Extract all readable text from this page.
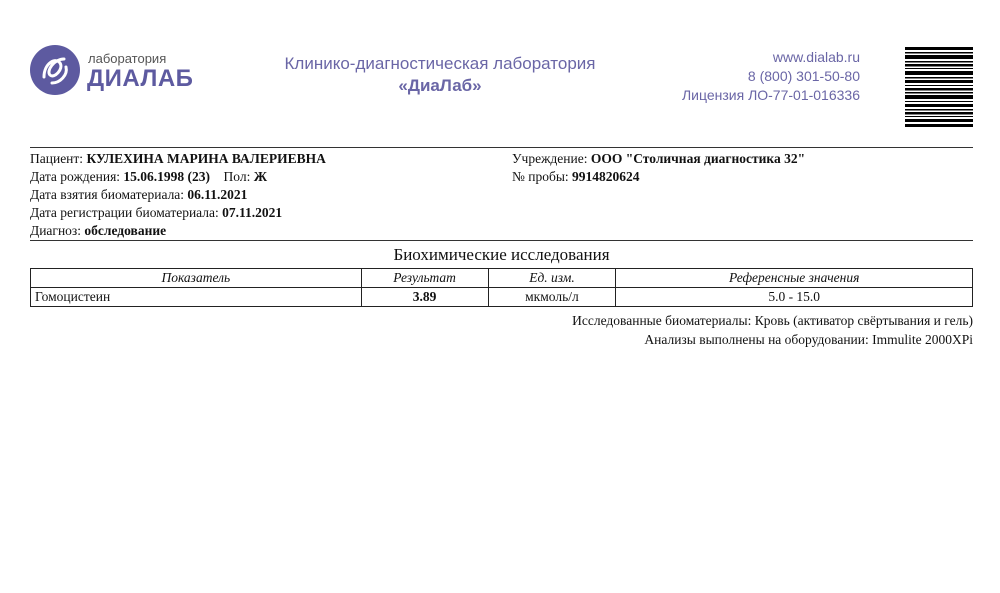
лаборатория
ДИАЛАБ
Клинико-диагностическая лаборатория
«ДиаЛаб»
www.dialab.ru
8 (800) 301-50-80
Лицензия ЛО-77-01-016336
Пациент: КУЛЕХИНА МАРИНА ВАЛЕРИЕВНА
Дата рождения: 15.06.1998 (23) Пол: Ж
Дата взятия биоматериала: 06.11.2021
Дата регистрации биоматериала: 07.11.2021
Диагноз: обследование
Учреждение: ООО "Столичная диагностика 32"
№ пробы: 9914820624
Биохимические исследования
Показатель	Результат	Ед. изм.	Референсные значения
Гомоцистеин	3.89	мкмоль/л	5.0 - 15.0
Исследованные биоматериалы: Кровь (активатор свёртывания и гель)
Анализы выполнены на оборудовании: Immulite 2000XPi
